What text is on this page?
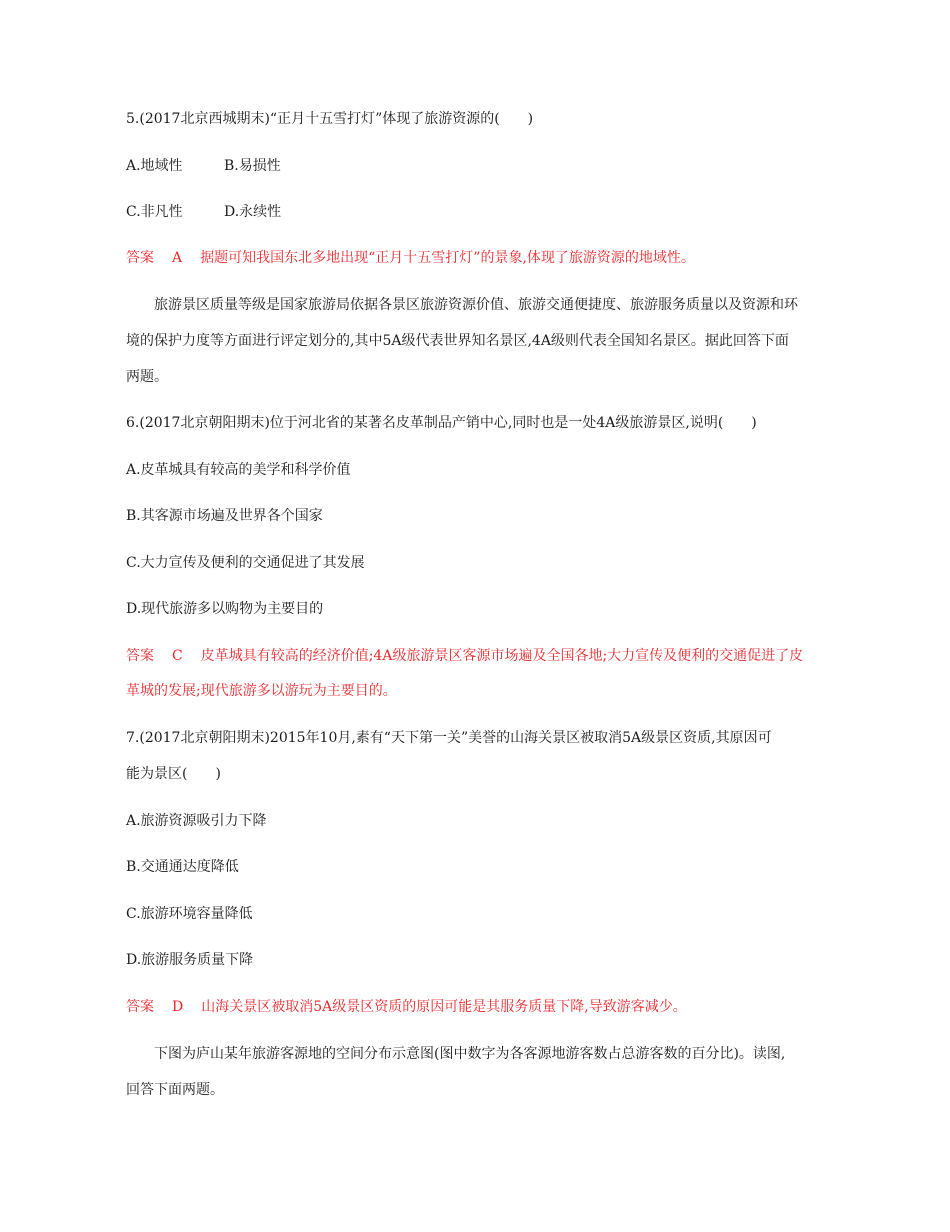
5.(2017北京西城期末)“正月十五雪打灯”体现了旅游资源的(　　)
A.地域性	B.易损性
C.非凡性	D.永续性
答案 A 据题可知我国东北多地出现“正月十五雪打灯”的景象,体现了旅游资源的地域性。
旅游景区质量等级是国家旅游局依据各景区旅游资源价值、旅游交通便捷度、旅游服务质量以及资源和环
境的保护力度等方面进行评定划分的,其中5A级代表世界知名景区,4A级则代表全国知名景区。据此回答下面
两题。
6.(2017北京朝阳期末)位于河北省的某著名皮革制品产销中心,同时也是一处4A级旅游景区,说明(　　)
A.皮革城具有较高的美学和科学价值
B.其客源市场遍及世界各个国家
C.大力宣传及便利的交通促进了其发展
D.现代旅游多以购物为主要目的
答案 C 皮革城具有较高的经济价值;4A级旅游景区客源市场遍及全国各地;大力宣传及便利的交通促进了皮
革城的发展;现代旅游多以游玩为主要目的。
7.(2017北京朝阳期末)2015年10月,素有“天下第一关”美誉的山海关景区被取消5A级景区资质,其原因可
能为景区(　　)
A.旅游资源吸引力下降
B.交通通达度降低
C.旅游环境容量降低
D.旅游服务质量下降
答案 D 山海关景区被取消5A级景区资质的原因可能是其服务质量下降,导致游客减少。
下图为庐山某年旅游客源地的空间分布示意图(图中数字为各客源地游客数占总游客数的百分比)。读图,
回答下面两题。
